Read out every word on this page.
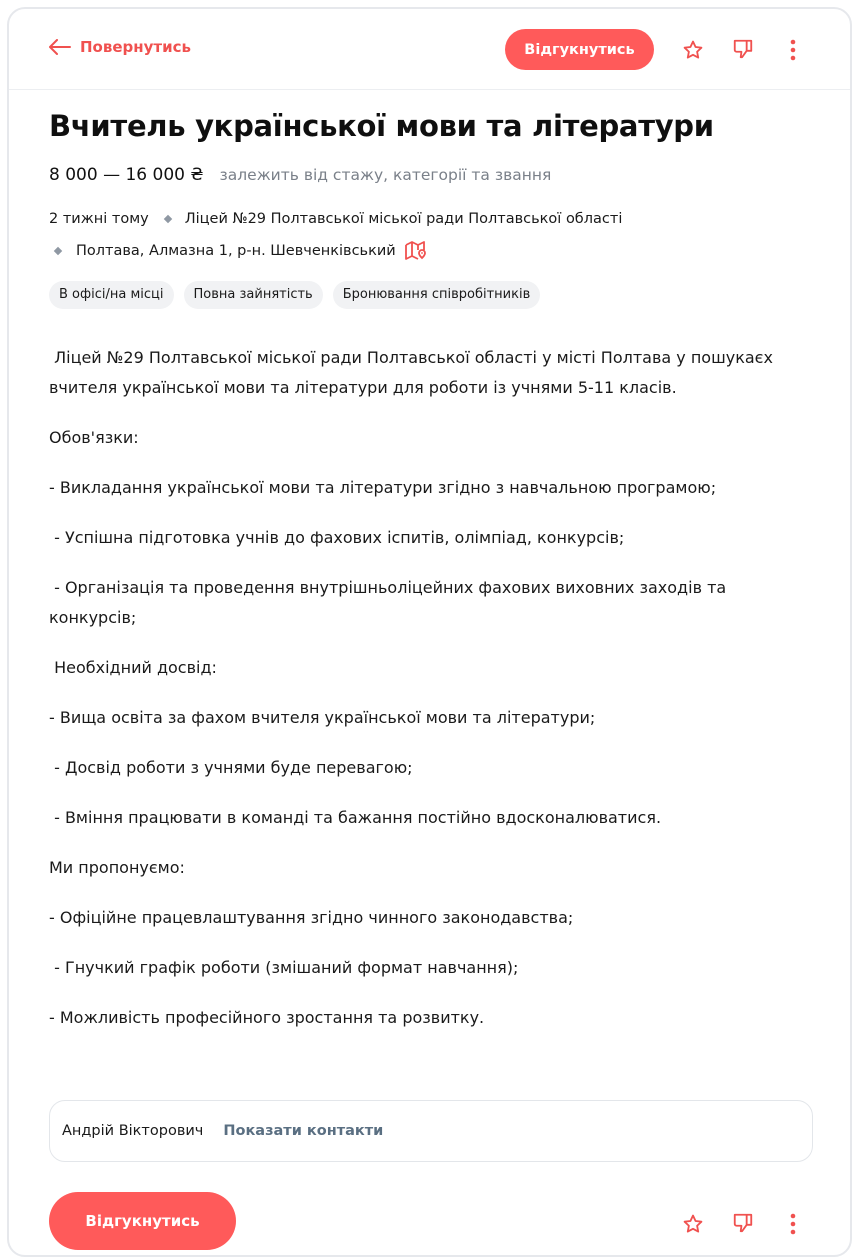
Повернутись	Відгукнутись
Вчитель української мови та літератури
8 000 — 16 000 ₴ залежить від стажу, категорії та звання
2 тижні тому Ліцей №29 Полтавської міської ради Полтавської області
Полтава, Алмазна 1, р-н. Шевченківський
В офісі/на місці	Повна зайнятість	Бронювання співробітників

Ліцей №29 Полтавської міської ради Полтавської області у місті Полтава у пошукаєх вчителя української мови та літератури для роботи із учнями 5-11 класів.

Обов'язки:

- Викладання української мови та літератури згідно з навчальною програмою;

- Успішна підготовка учнів до фахових іспитів, олімпіад, конкурсів;

- Організація та проведення внутрішньоліцейних фахових виховних заходів та конкурсів;

Необхідний досвід:

- Вища освіта за фахом вчителя української мови та літератури;

- Досвід роботи з учнями буде перевагою;

- Вміння працювати в команді та бажання постійно вдосконалюватися.

Ми пропонуємо:

- Офіційне працевлаштування згідно чинного законодавства;

- Гнучкий графік роботи (змішаний формат навчання);

- Можливість професійного зростання та розвитку.

Андрій Вікторович Показати контакти
Відгукнутись
